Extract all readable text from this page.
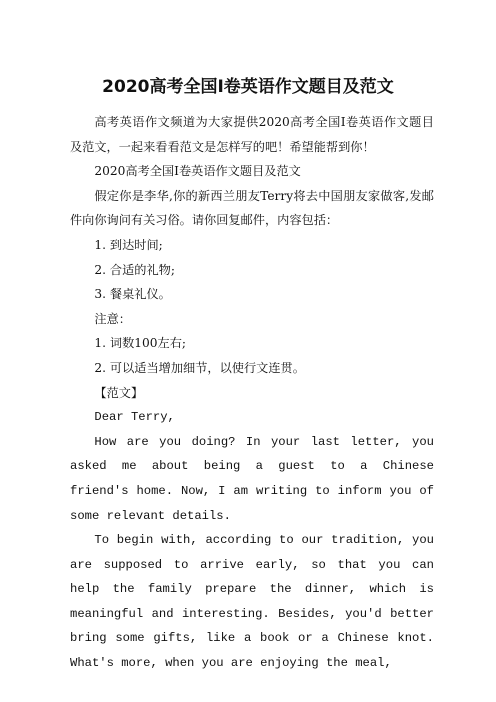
2020高考全国Ⅰ卷英语作文题目及范文

高考英语作文频道为大家提供2020高考全国Ⅰ卷英语作文题目及范文，一起来看看范文是怎样写的吧！希望能帮到你！

2020高考全国Ⅰ卷英语作文题目及范文

假定你是李华,你的新西兰朋友Terry将去中国朋友家做客,发邮件向你询问有关习俗。请你回复邮件，内容包括：

1. 到达时间;

2. 合适的礼物;

3. 餐桌礼仪。

注意：

1. 词数100左右;

2. 可以适当增加细节，以使行文连贯。

【范文】

Dear Terry,

How are you doing? In your last letter, you asked me about being a guest to a Chinese friend's home. Now, I am writing to inform you of some relevant details.

To begin with, according to our tradition, you are supposed to arrive early, so that you can help the family prepare the dinner, which is meaningful and interesting. Besides, you'd better bring some gifts, like a book or a Chinese knot. What's more, when you are enjoying the meal,
